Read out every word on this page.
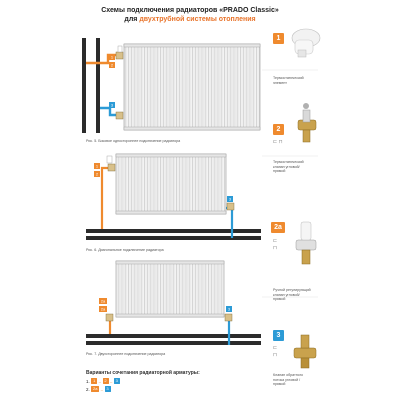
Схемы подключения радиаторов «PRADO Classic»
для двухтрубной системы отопления
1
2
3
1
2
3
2а
2а	3
Рис. 5. Боковое одностороннее подключение радиатора
Рис. 6. Диагональное подключение радиатора
Рис. 7. Двухстороннее подключение радиатора
1
Термостатический
элемент
2
Термостатический
клапан угловой/
прямой
⊏ ⊓
2а
Ручной регулирующий
клапан угловой/
прямой
⊏
⊓
3
Клапан обратного
потока угловой /
прямой
⊏
⊓
Варианты сочетания радиаторной арматуры:
1. 1 – 2 – 3
2. 2а – 3
